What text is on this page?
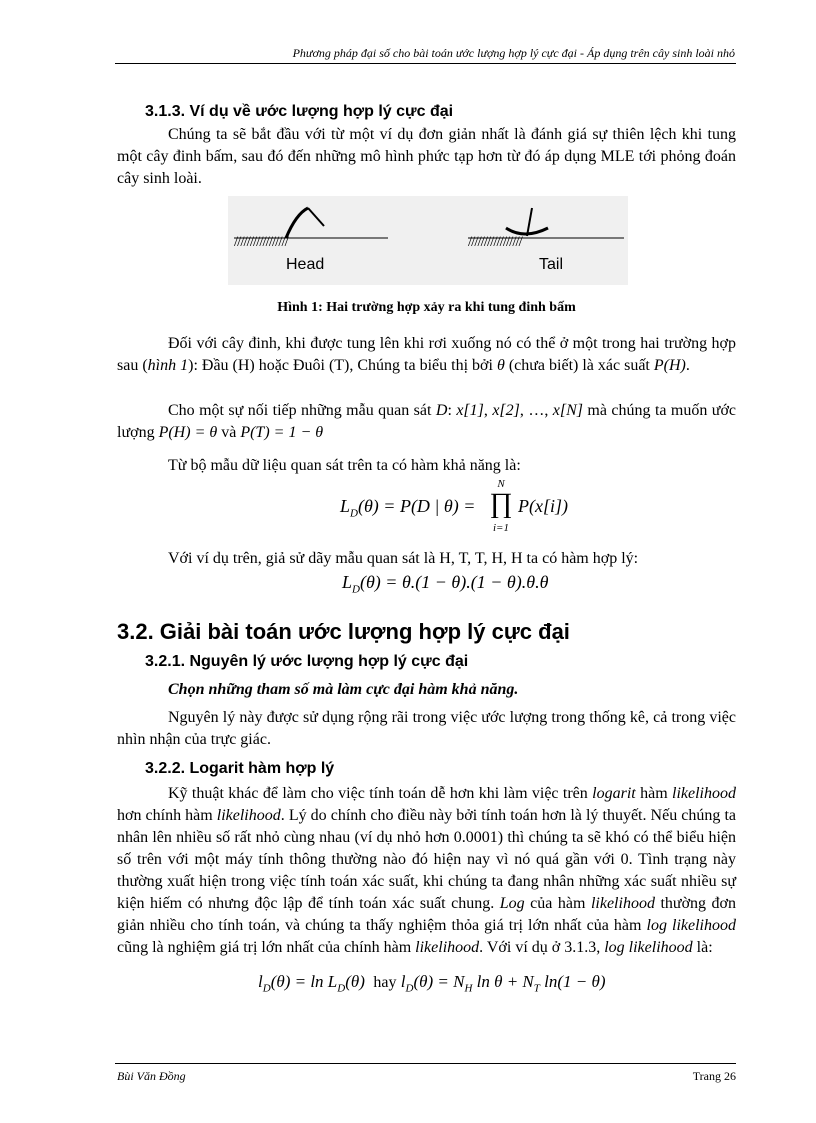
Phương pháp đại số cho bài toán ước lượng hợp lý cực đại - Áp dụng trên cây sinh loài nhỏ
3.1.3. Ví dụ về ước lượng hợp lý cực đại
Chúng ta sẽ bắt đầu với từ một ví dụ đơn giản nhất là đánh giá sự thiên lệch khi tung một cây đinh bấm, sau đó đến những mô hình phức tạp hơn từ đó áp dụng MLE tới phỏng đoán cây sinh loài.
/////////////////	/////////////////
Head	Tail
Hình 1: Hai trường hợp xảy ra khi tung đinh bấm
Đối với cây đinh, khi được tung lên khi rơi xuống nó có thể ở một trong hai trường hợp sau (hình 1): Đầu (H) hoặc Đuôi (T), Chúng ta biểu thị bởi θ (chưa biết) là xác suất P(H).
Cho một sự nối tiếp những mẫu quan sát D: x[1], x[2], …, x[N] mà chúng ta muốn ước lượng P(H) = θ và P(T) = 1 − θ
Từ bộ mẫu dữ liệu quan sát trên ta có hàm khả năng là:
$L_D(\theta) = P(D$ | θ) =
N
∏
i=1
P(x[i])
Với ví dụ trên, giả sử dãy mẫu quan sát là H, T, T, H, H ta có hàm hợp lý:
$L_D(\theta) = \theta.(1 - \theta).(1 - \theta).\theta.\theta$
3.2. Giải bài toán ước lượng hợp lý cực đại
3.2.1. Nguyên lý ước lượng hợp lý cực đại
Chọn những tham số mà làm cực đại hàm khả năng.
Nguyên lý này được sử dụng rộng rãi trong việc ước lượng trong thống kê, cả trong việc nhìn nhận của trực giác.
3.2.2. Logarit hàm hợp lý
Kỹ thuật khác để làm cho việc tính toán dễ hơn khi làm việc trên logarit hàm likelihood hơn chính hàm likelihood. Lý do chính cho điều này bởi tính toán hơn là lý thuyết. Nếu chúng ta nhân lên nhiều số rất nhỏ cùng nhau (ví dụ nhỏ hơn 0.0001) thì chúng ta sẽ khó có thể biểu hiện số trên với một máy tính thông thường nào đó hiện nay vì nó quá gần với 0. Tình trạng này thường xuất hiện trong việc tính toán xác suất, khi chúng ta đang nhân những xác suất nhiều sự kiện hiếm có nhưng độc lập để tính toán xác suất chung. Log của hàm likelihood thường đơn giản nhiều cho tính toán, và chúng ta thấy nghiệm thỏa giá trị lớn nhất của hàm log likelihood cũng là nghiệm giá trị lớn nhất của chính hàm likelihood. Với ví dụ ở 3.1.3, log likelihood là:
$l_D(\theta) = \ln L_D(\theta)$ hay $l_D(\theta) = N_H$ $\ln \theta + N_T$ ln(1 − θ)
Bùi Văn Đồng	Trang 26
